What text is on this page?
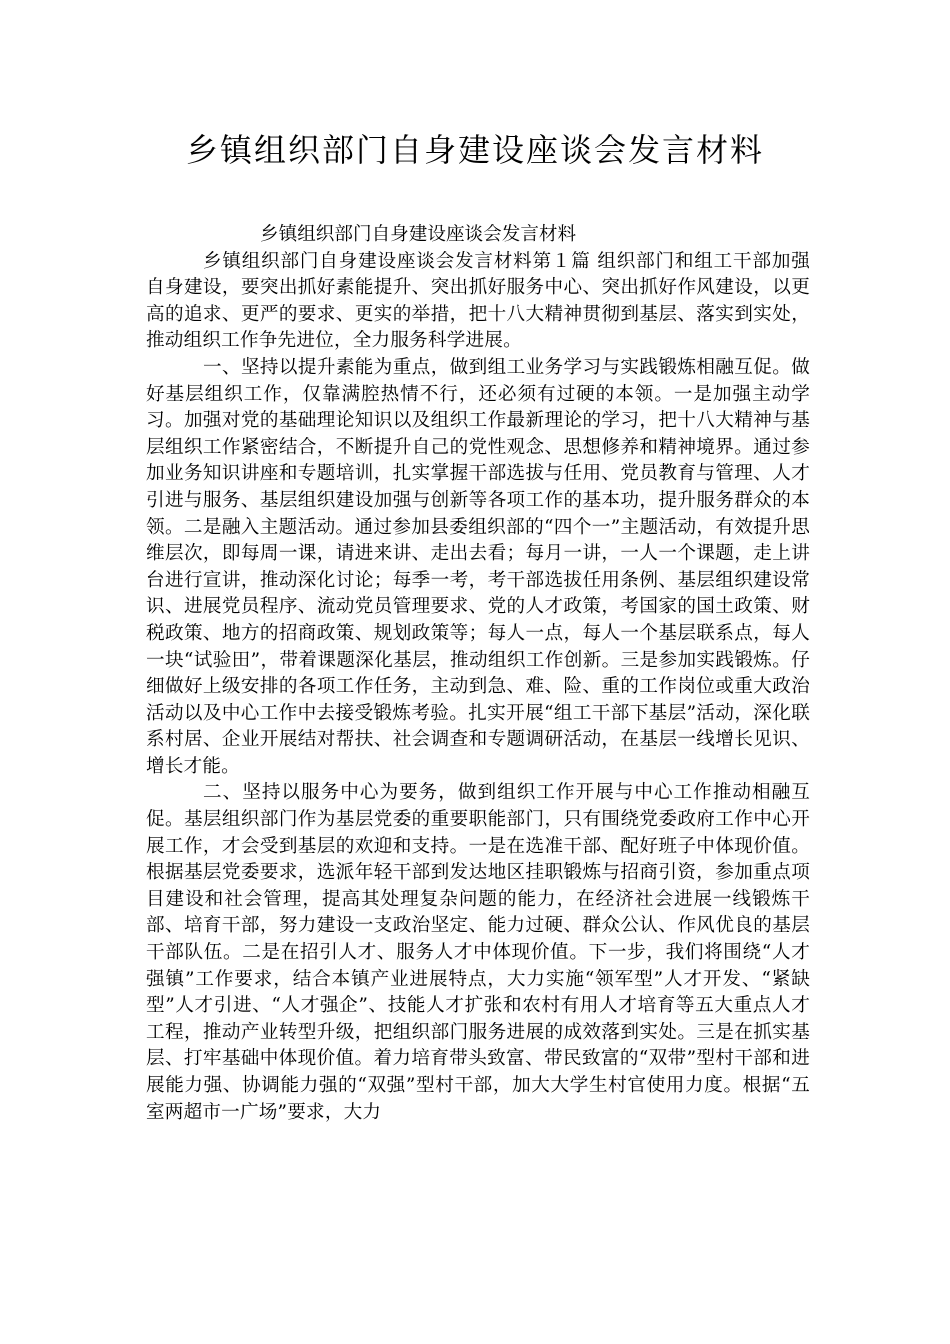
乡镇组织部门自身建设座谈会发言材料
乡镇组织部门自身建设座谈会发言材料

乡镇组织部门自身建设座谈会发言材料第１篇 组织部门和组工干部加强自身建设，要突出抓好素能提升、突出抓好服务中心、突出抓好作风建设，以更高的追求、更严的要求、更实的举措，把十八大精神贯彻到基层、落实到实处，推动组织工作争先进位，全力服务科学进展。

一、坚持以提升素能为重点，做到组工业务学习与实践锻炼相融互促。做好基层组织工作，仅靠满腔热情不行，还必须有过硬的本领。一是加强主动学习。加强对党的基础理论知识以及组织工作最新理论的学习，把十八大精神与基层组织工作紧密结合，不断提升自己的党性观念、思想修养和精神境界。通过参加业务知识讲座和专题培训，扎实掌握干部选拔与任用、党员教育与管理、人才引进与服务、基层组织建设加强与创新等各项工作的基本功，提升服务群众的本领。二是融入主题活动。通过参加县委组织部的“四个一”主题活动，有效提升思维层次，即每周一课，请进来讲、走出去看；每月一讲，一人一个课题，走上讲台进行宣讲，推动深化讨论；每季一考，考干部选拔任用条例、基层组织建设常识、进展党员程序、流动党员管理要求、党的人才政策，考国家的国土政策、财税政策、地方的招商政策、规划政策等；每人一点，每人一个基层联系点，每人一块“试验田”，带着课题深化基层，推动组织工作创新。三是参加实践锻炼。仔细做好上级安排的各项工作任务，主动到急、难、险、重的工作岗位或重大政治活动以及中心工作中去接受锻炼考验。扎实开展“组工干部下基层”活动，深化联系村居、企业开展结对帮扶、社会调查和专题调研活动，在基层一线增长见识、增长才能。

二、坚持以服务中心为要务，做到组织工作开展与中心工作推动相融互促。基层组织部门作为基层党委的重要职能部门，只有围绕党委政府工作中心开展工作，才会受到基层的欢迎和支持。一是在选准干部、配好班子中体现价值。根据基层党委要求，选派年轻干部到发达地区挂职锻炼与招商引资，参加重点项目建设和社会管理，提高其处理复杂问题的能力，在经济社会进展一线锻炼干部、培育干部，努力建设一支政治坚定、能力过硬、群众公认、作风优良的基层干部队伍。二是在招引人才、服务人才中体现价值。下一步，我们将围绕“人才强镇”工作要求，结合本镇产业进展特点，大力实施“领军型”人才开发、“紧缺型”人才引进、“人才强企”、技能人才扩张和农村有用人才培育等五大重点人才工程，推动产业转型升级，把组织部门服务进展的成效落到实处。三是在抓实基层、打牢基础中体现价值。着力培育带头致富、带民致富的“双带”型村干部和进展能力强、协调能力强的“双强”型村干部，加大大学生村官使用力度。根据“五室两超市一广场”要求，大力
